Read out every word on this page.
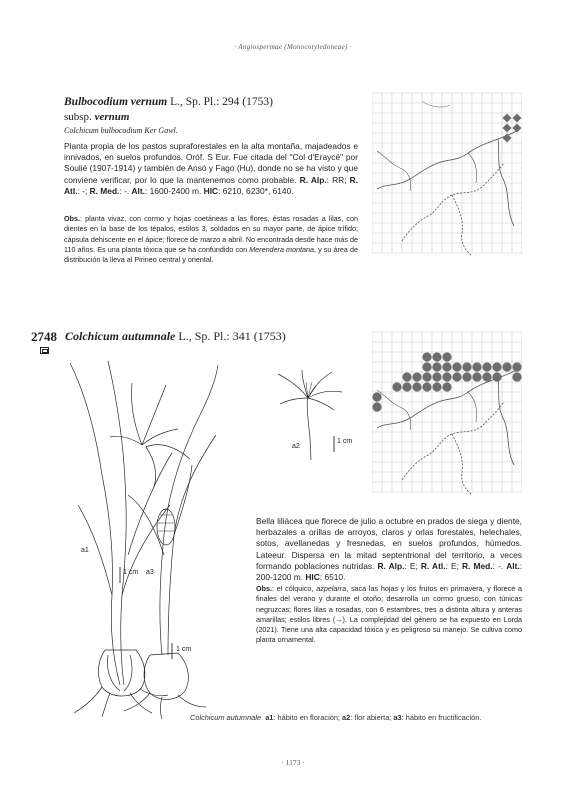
· Angiospermae (Monocotyledoneae) ·
Bulbocodium vernum L., Sp. Pl.: 294 (1753)
subsp. vernum
Colchicum bulbocodium Ker Gawl.
Planta propia de los pastos supraforestales en la alta montaña, majadeados e innivados, en suelos profundos. Oróf. S Eur. Fue citada del "Col d'Eraycé" por Soulié (1907-1914) y también de Ansó y Fago (Hu), donde no se ha visto y que conviene verificar, por lo que la mantenemos como probable. R. Alp.: RR; R. Atl.: -; R. Med.: -. Alt.: 1600-2400 m. HIC: 6210, 6230*, 6140.
Obs.: planta vivaz, con cormo y hojas coetáneas a las flores, éstas rosadas a lilas, con dientes en la base de los tépalos, estilos 3, soldados en su mayor parte, de ápice trífido; cápsula dehiscente en el ápice; florece de marzo a abril. No encontrada desde hace más de 110 años. Es una planta tóxica que se ha confundido con Merendera montana, y su área de distribución la lleva al Pirineo central y oriental.
2748 Colchicum autumnale L., Sp. Pl.: 341 (1753)
a2
1 cm
a1
1 cm a3
1 cm
Bella liliácea que florece de julio a octubre en prados de siega y diente, herbazales a orillas de arroyos, claros y orlas forestales, helechales, sotos, avellanedas y fresnedas, en suelos profundos, húmedos. Lateeur. Dispersa en la mitad septentrional del territorio, a veces formando poblaciones nutridas. R. Alp.: E; R. Atl.: E; R. Med.: -. Alt.: 200-1200 m. HIC: 6510.
Obs.: el cólquico, azpelarra, saca las hojas y los frutos en primavera, y florece a finales del verano y durante el otoño; desarrolla un cormo grueso, con túnicas negruzcas; flores lilas a rosadas, con 6 estambres, tres a distinta altura y anteras amarillas; estilos libres (→). La complejidad del género se ha expuesto en Lorda (2021). Tiene una alta capacidad tóxica y es peligroso su manejo. Se cultiva como planta ornamental.
Colchicum autumnale a1: hábito en floración; a2: flor abierta; a3: hábito en fructificación.
· 1173 ·
